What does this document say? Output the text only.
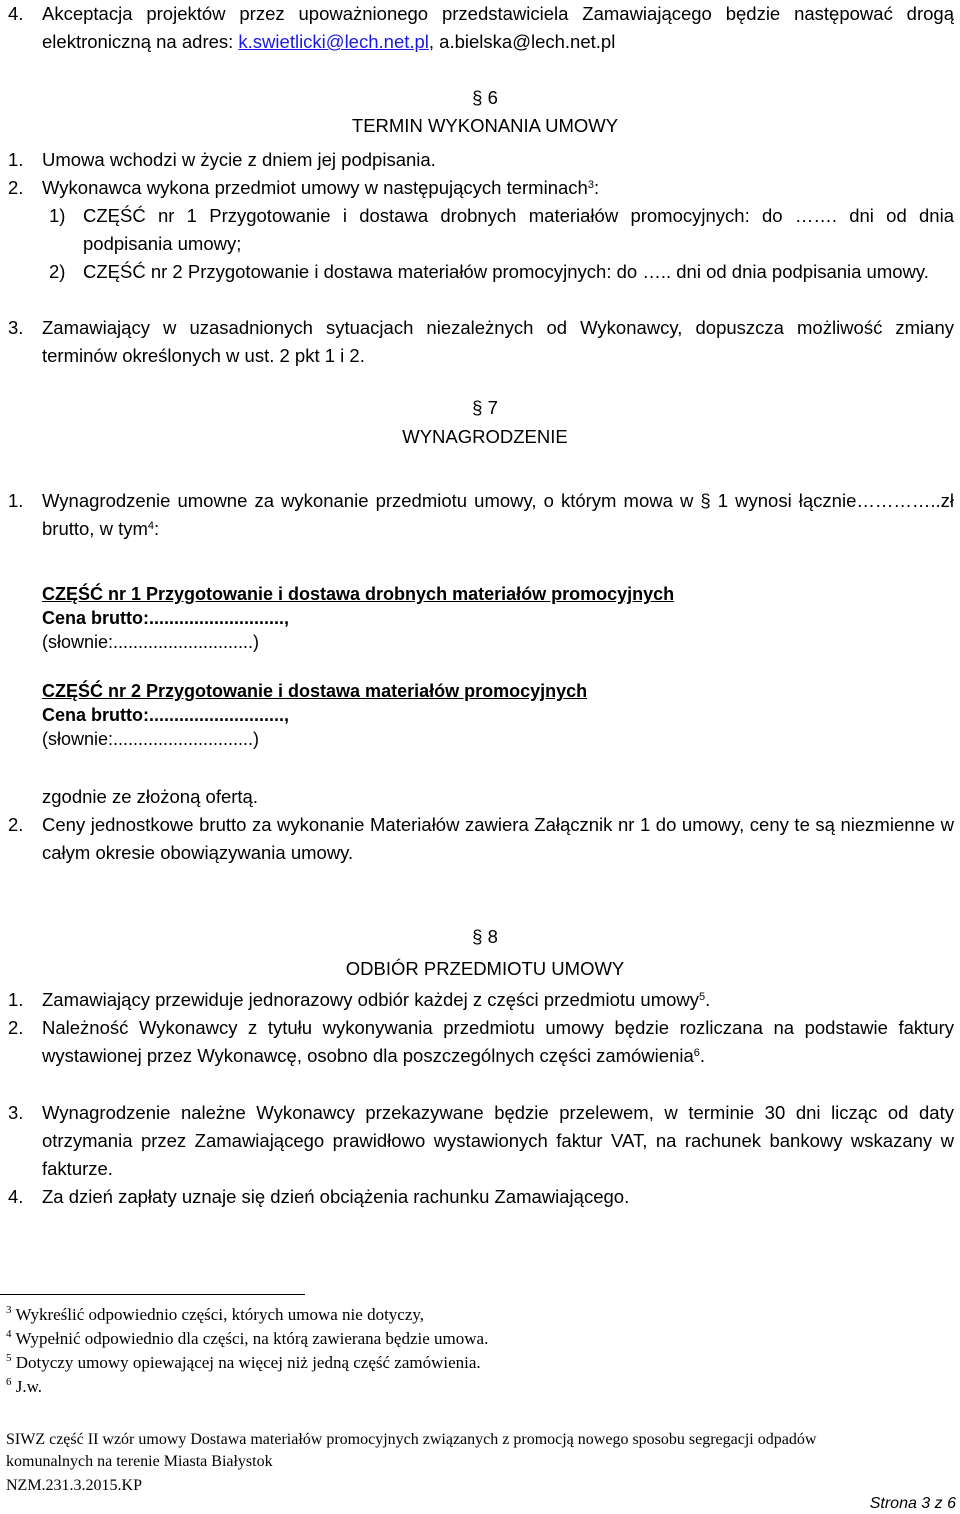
4. Akceptacja projektów przez upoważnionego przedstawiciela Zamawiającego będzie następować drogą elektroniczną na adres: k.swietlicki@lech.net.pl, a.bielska@lech.net.pl
§ 6
TERMIN WYKONANIA UMOWY
1. Umowa wchodzi w życie z dniem jej podpisania.
2. Wykonawca wykona przedmiot umowy w następujących terminach$^3$:
1) CZĘŚĆ nr 1 Przygotowanie i dostawa drobnych materiałów promocyjnych: do ……. dni od dnia podpisania umowy;
2) CZĘŚĆ nr 2 Przygotowanie i dostawa materiałów promocyjnych: do ….. dni od dnia podpisania umowy.
3. Zamawiający w uzasadnionych sytuacjach niezależnych od Wykonawcy, dopuszcza możliwość zmiany terminów określonych w ust. 2 pkt 1 i 2.
§ 7
WYNAGRODZENIE
1. Wynagrodzenie umowne za wykonanie przedmiotu umowy, o którym mowa w § 1 wynosi łącznie…………..zł brutto, w tym$^4$:
CZĘŚĆ nr 1 Przygotowanie i dostawa drobnych materiałów promocyjnych
Cena brutto:...........................,
(słownie:............................)
CZĘŚĆ nr 2 Przygotowanie i dostawa materiałów promocyjnych
Cena brutto:...........................,
(słownie:............................)
zgodnie ze złożoną ofertą.
2. Ceny jednostkowe brutto za wykonanie Materiałów zawiera Załącznik nr 1 do umowy, ceny te są niezmienne w całym okresie obowiązywania umowy.
§ 8
ODBIÓR PRZEDMIOTU UMOWY
1. Zamawiający przewiduje jednorazowy odbiór każdej z części przedmiotu umowy$^5$.
2. Należność Wykonawcy z tytułu wykonywania przedmiotu umowy będzie rozliczana na podstawie faktury wystawionej przez Wykonawcę, osobno dla poszczególnych części zamówienia$^6$.
3. Wynagrodzenie należne Wykonawcy przekazywane będzie przelewem, w terminie 30 dni licząc od daty otrzymania przez Zamawiającego prawidłowo wystawionych faktur VAT, na rachunek bankowy wskazany w fakturze.
4. Za dzień zapłaty uznaje się dzień obciążenia rachunku Zamawiającego.
$^3$ Wykreślić odpowiednio części, których umowa nie dotyczy,
$^4$ Wypełnić odpowiednio dla części, na którą zawierana będzie umowa.
$^5$ Dotyczy umowy opiewającej na więcej niż jedną część zamówienia.
$^6$ J.w.
SIWZ część II wzór umowy Dostawa materiałów promocyjnych związanych z promocją nowego sposobu segregacji odpadów
komunalnych na terenie Miasta Białystok
NZM.231.3.2015.KP
Strona 3 z 6
